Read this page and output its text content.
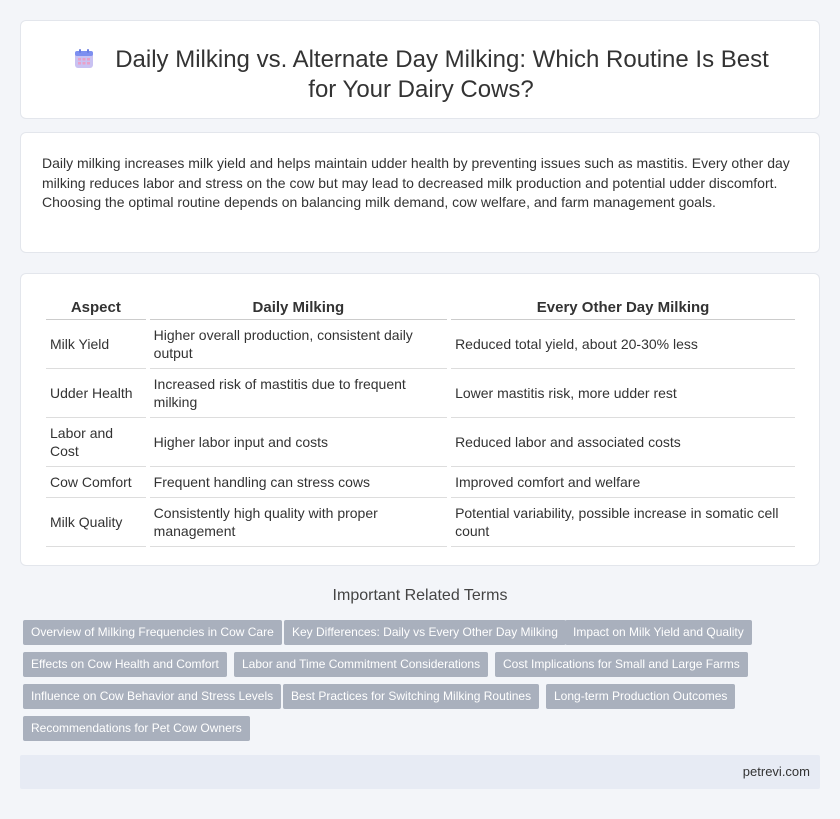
Daily Milking vs. Alternate Day Milking: Which Routine Is Best for Your Dairy Cows?

Daily milking increases milk yield and helps maintain udder health by preventing issues such as mastitis. Every other day milking reduces labor and stress on the cow but may lead to decreased milk production and potential udder discomfort. Choosing the optimal routine depends on balancing milk demand, cow welfare, and farm management goals.

Aspect	Daily Milking	Every Other Day Milking
Milk Yield	Higher overall production, consistent daily output	Reduced total yield, about 20-30% less
Udder Health	Increased risk of mastitis due to frequent milking	Lower mastitis risk, more udder rest
Labor and Cost	Higher labor input and costs	Reduced labor and associated costs
Cow Comfort	Frequent handling can stress cows	Improved comfort and welfare
Milk Quality	Consistently high quality with proper management	Potential variability, possible increase in somatic cell count
Important Related Terms
Overview of Milking Frequencies in Cow Care	Key Differences: Daily vs Every Other Day Milking	Impact on Milk Yield and Quality
Effects on Cow Health and Comfort	Labor and Time Commitment Considerations	Cost Implications for Small and Large Farms
Influence on Cow Behavior and Stress Levels	Best Practices for Switching Milking Routines	Long-term Production Outcomes
Recommendations for Pet Cow Owners
petrevi.com
